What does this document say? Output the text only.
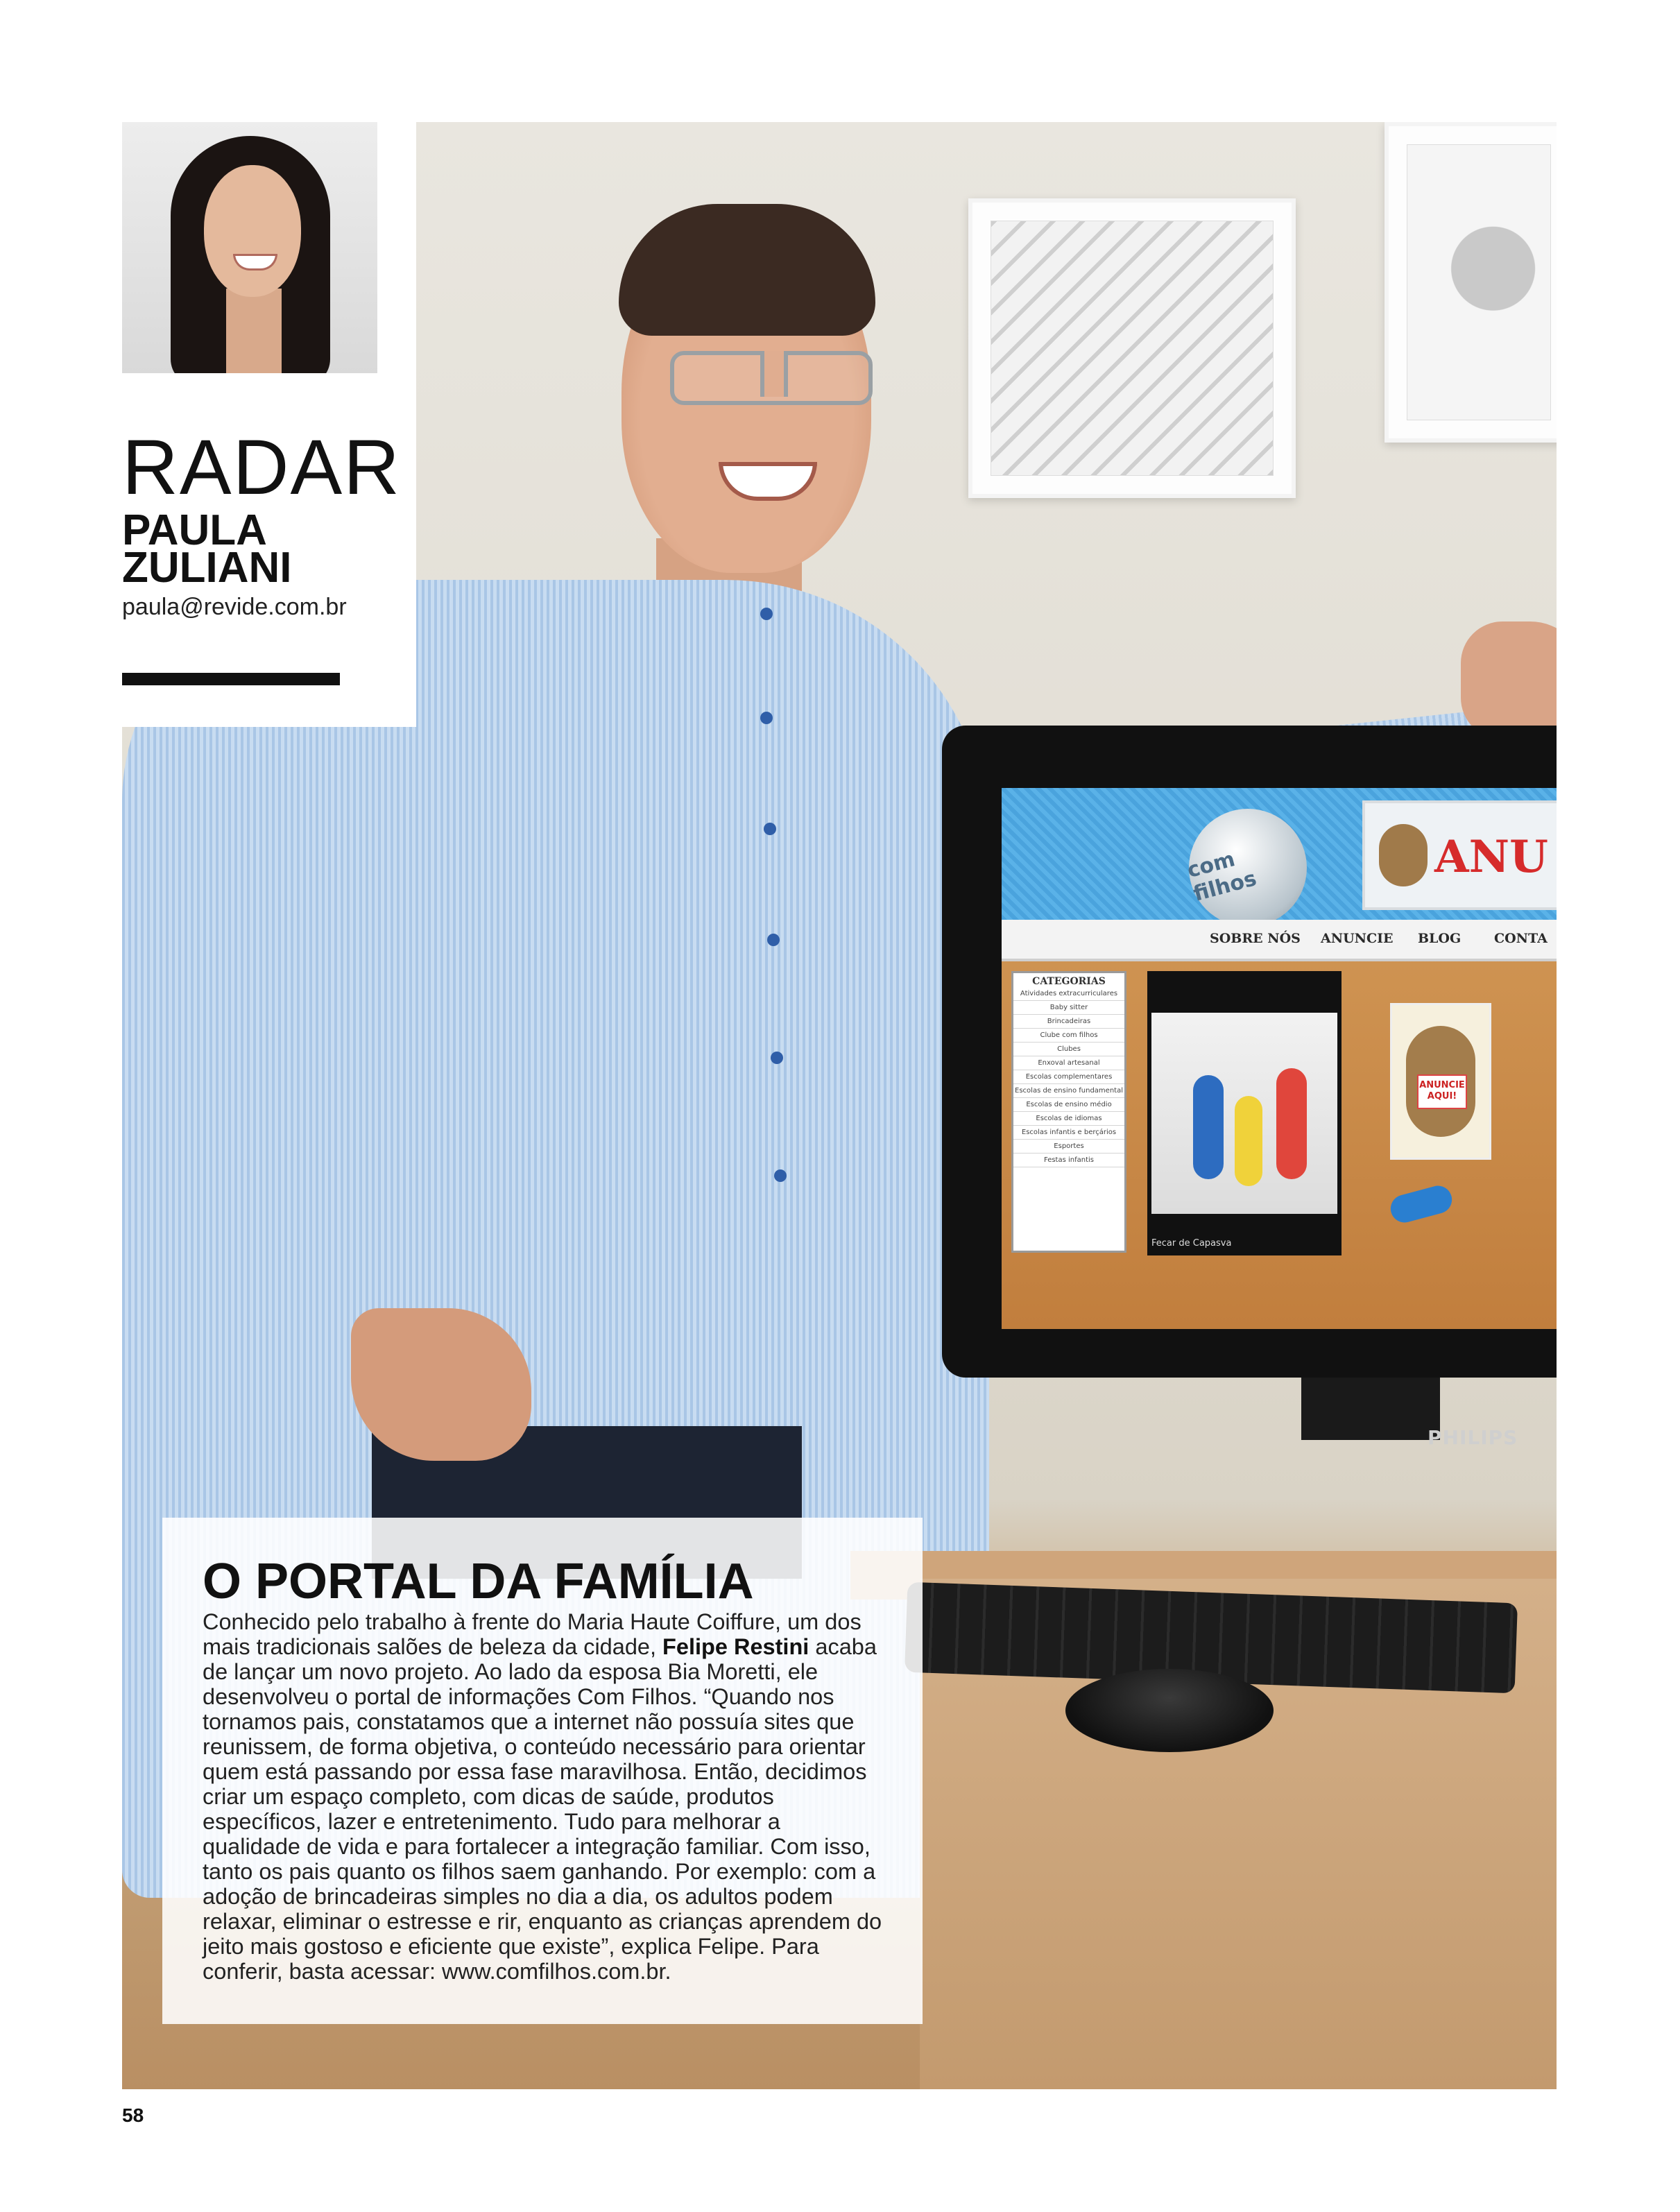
com filhos
ANU
SOBRE NÓS ANUNCIE BLOG	CONTA
CATEGORIAS
Atividades extracurriculares
Baby sitter
Brincadeiras
Clube com filhos
Clubes
Enxoval artesanal
Escolas complementares
Escolas de ensino fundamental
Escolas de ensino médio
Escolas de idiomas
Escolas infantis e berçários
Esportes
Festas infantis
Fecar de Capasva
ANUNCIE AQUI!
PHILIPS
RADAR
PAULA
ZULIANI
paula@revide.com.br
O PORTAL DA FAMÍLIA
Conhecido pelo trabalho à frente do Maria Haute Coiffure, um dos mais tradicionais salões de beleza da cidade, Felipe Restini acaba de lançar um novo projeto. Ao lado da esposa Bia Moretti, ele desenvolveu o portal de informações Com Filhos. “Quando nos tornamos pais, constatamos que a internet não possuía sites que reunissem, de forma objetiva, o conteúdo necessário para orientar quem está passando por essa fase maravilhosa. Então, decidimos criar um espaço completo, com dicas de saúde, produtos específicos, lazer e entretenimento. Tudo para melhorar a qualidade de vida e para fortalecer a integração familiar. Com isso, tanto os pais quanto os filhos saem ganhando. Por exemplo: com a adoção de brincadeiras simples no dia a dia, os adultos podem relaxar, eliminar o estresse e rir, enquanto as crianças aprendem do jeito mais gostoso e eficiente que existe”, explica Felipe. Para conferir, basta acessar: www.comfilhos.com.br.
58
